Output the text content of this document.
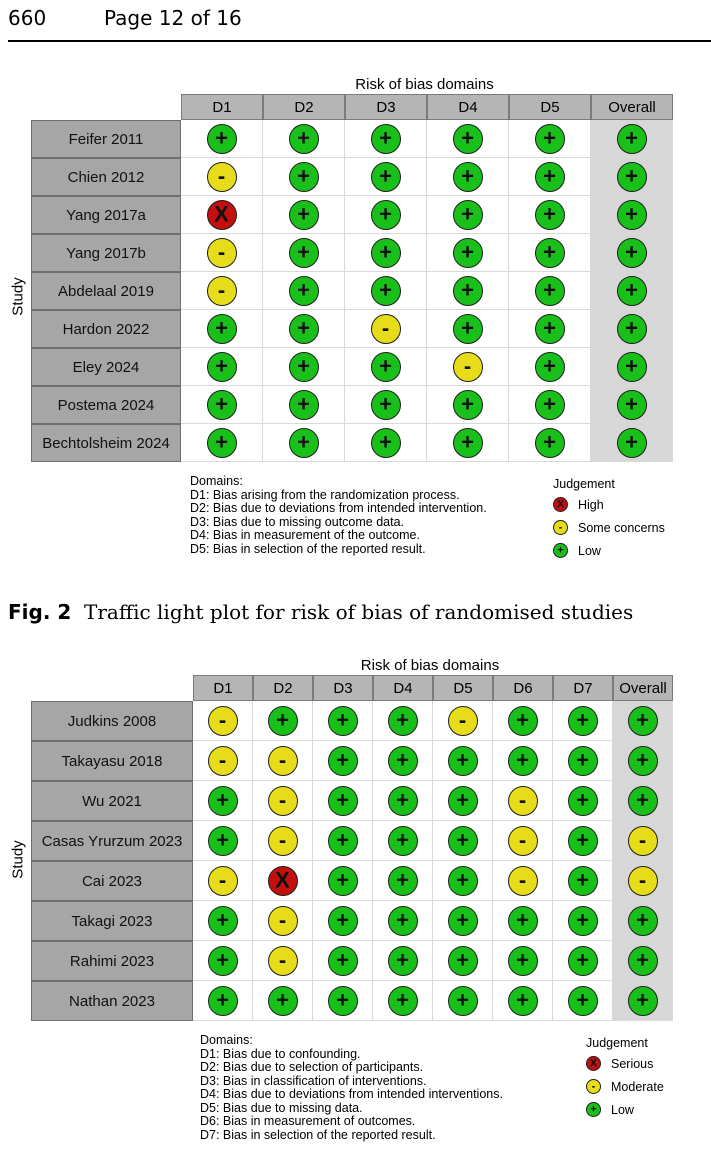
660	Page 12 of 16
Risk of bias domains
Study
	D1	D2	D3	D4	D5	Overall
Feifer 2011	+	+	+	+	+	+

Chien 2012	-	+	+	+	+	+

Yang 2017a	X	+	+	+	+	+

Yang 2017b	-	+	+	+	+	+

Abdelaal 2019	-	+	+	+	+	+

Hardon 2022	+	+	-	+	+	+

Eley 2024	+	+	+	-	+	+

Postema 2024	+	+	+	+	+	+

Bechtolsheim 2024	+	+	+	+	+	+
Domains:
D1: Bias arising from the randomization process.
D2: Bias due to deviations from intended intervention.
D3: Bias due to missing outcome data.
D4: Bias in measurement of the outcome.
D5: Bias in selection of the reported result.
Judgement
X High
-	Some concerns
+ Low
Fig. 2 Traffic light plot for risk of bias of randomised studies
Risk of bias domains
Study
	D1	D2	D3	D4	D5	D6	D7	Overall
Judkins 2008	-	+	+	+	-	+	+	+

Takayasu 2018	-	-	+	+	+	+	+	+

Wu 2021	+	-	+	+	+	-	+	+

Casas Yrurzum 2023	+	-	+	+	+	-	+	-

Cai 2023	-	X	+	+	+	-	+	-

Takagi 2023	+	-	+	+	+	+	+	+

Rahimi 2023	+	-	+	+	+	+	+	+

Nathan 2023	+	+	+	+	+	+	+	+
Domains:
D1: Bias due to confounding.
D2: Bias due to selection of participants.
D3: Bias in classification of interventions.
D4: Bias due to deviations from intended interventions.
D5: Bias due to missing data.
D6: Bias in measurement of outcomes.
D7: Bias in selection of the reported result.
Judgement
X Serious
-	Moderate
+ Low
